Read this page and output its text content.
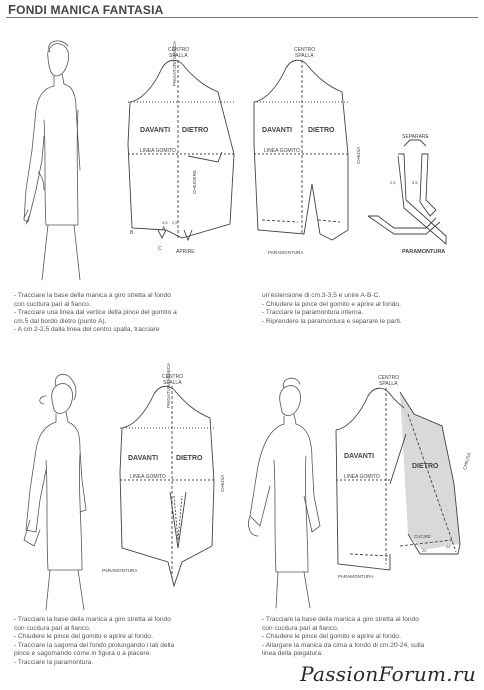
FONDI MANICA FANTASIA
CENTRO
SPALLA
DAVANTI DIETRO
LINEA GOMITO
PIEGATURA MANICA
CHIUDERE
APRIRE
B
A
C
3,5 2,5
CENTRO
SPALLA
DAVANTI DIETRO
LINEA GOMITO	CHIUSA
PARAMONTURA
SEPARARE
PARAMONTURA
2,5	3,5

- Tracciare la base della manica a giro stretta al fondo

con cucitura pari al fianco.

- Tracciare una linea dal vertice della pince del gomito a

cm.5 dal bordo dietro (punto A).

- A cm.2-2,5 dalla linea del centro spalla, tracciare

un'estensione di cm.3-3,5 e unire A-B-C.

- Chiudere la pince del gomito e aprire al fondo.

- Tracciare la paramontura interna.

- Riprendere la paramontura e separare le parti.

CENTRO
SPALLA
DAVANTI	DIETRO
LINEA GOMITO
PIEGATURA MANICA
CHIUSA
PARAMONTURA
CENTRO
SPALLA
DAVANTI
DIETRO
LINEA GOMITO
CHIUSA
CUCIRE
PARAMONTURA
20
24

- Tracciare la base della manica a giro stretta al fondo

con cucitura pari al fianco.

- Chiudere le pince del gomito e aprire al fondo.

- Tracciare la sagoma del fondo prolungando i lati della

pince e sagomando come in figura o a piacere.

- Tracciare la paramontura.

- Tracciare la base della manica a giro stretta al fondo

con cucitura pari al fianco.

- Chiudere le pince del gomito e aprire al fondo.

- Allargare la manica da cima a fondo di cm.20-24, sulla

linea della piegatura.

PassionForum.ru
